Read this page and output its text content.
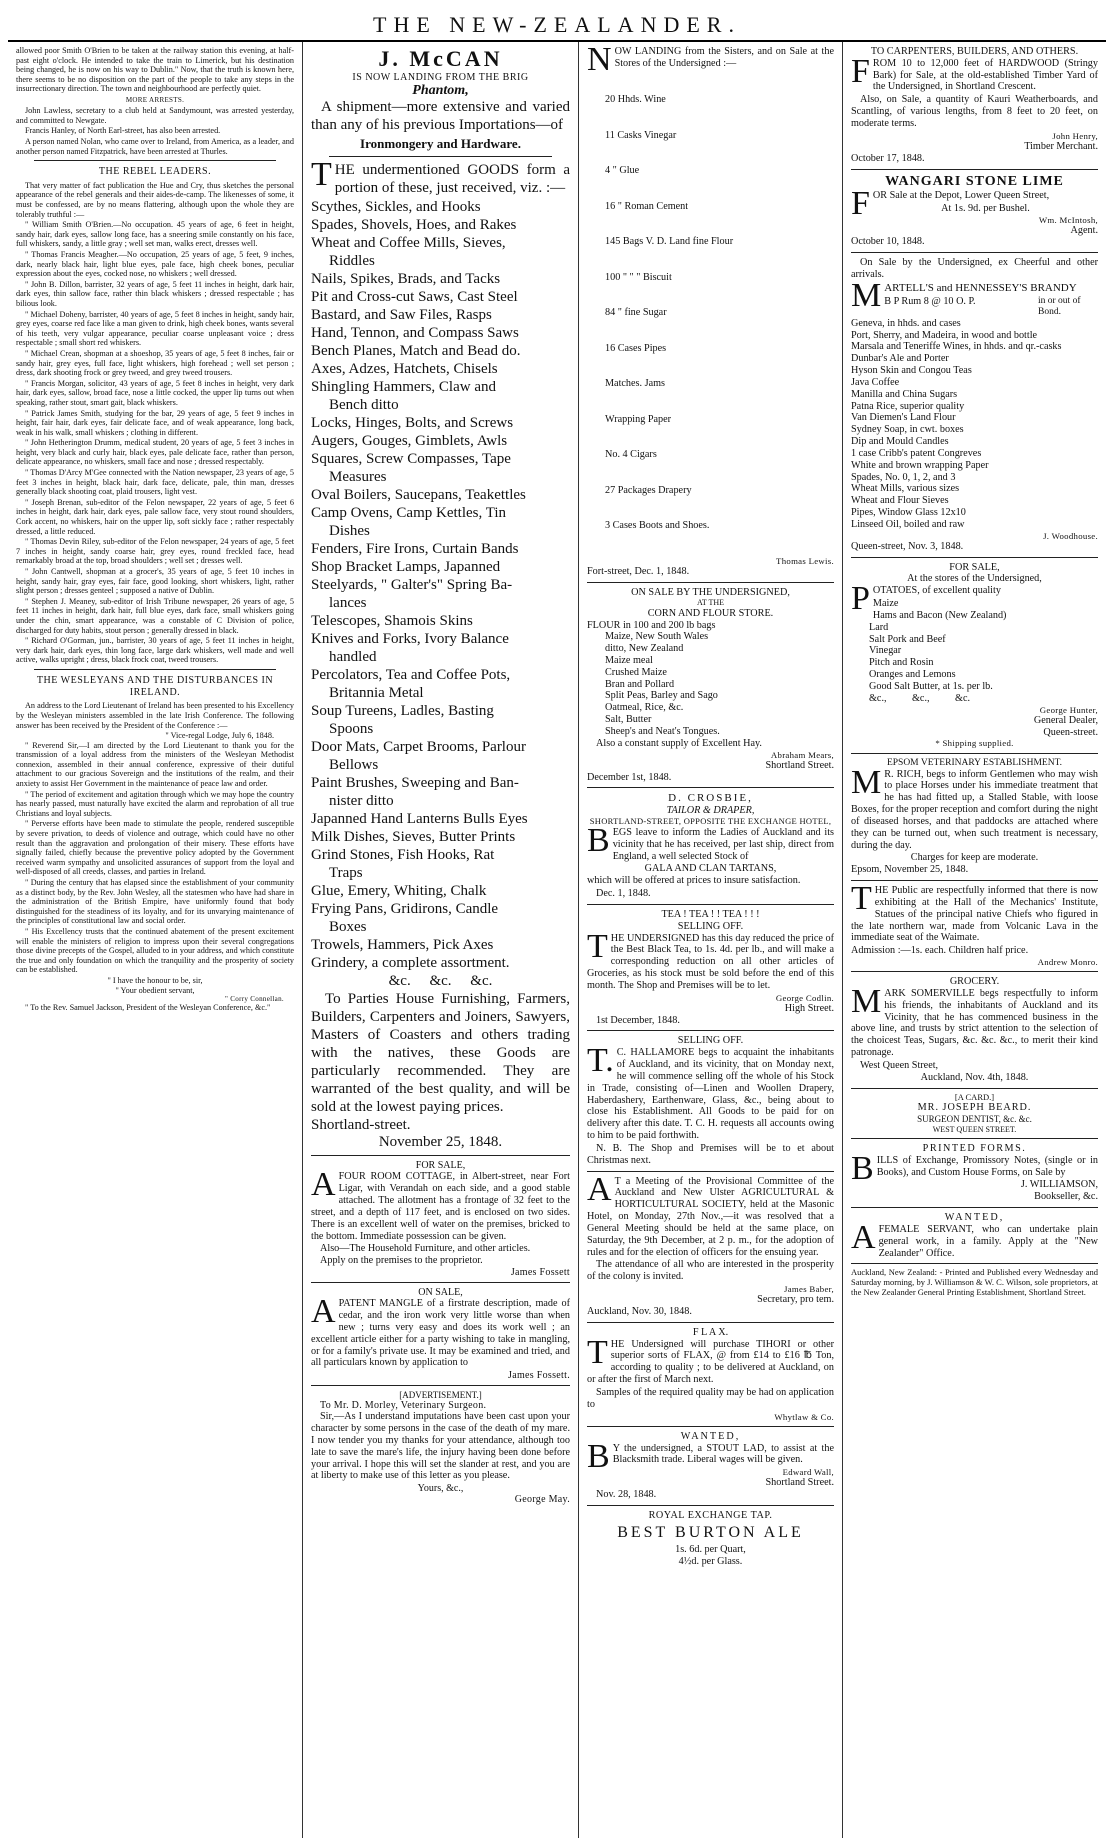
THE NEW-ZEALANDER.

allowed poor Smith O'Brien to be taken at the railway station this evening, at half-past eight o'clock. He intended to take the train to Limerick, but his destination being changed, he is now on his way to Dublin." Now, that the truth is known here, there seems to be no disposition on the part of the people to take any steps in the insurrectionary direction. The town and neighbourhood are perfectly quiet.

MORE ARRESTS.

John Lawless, secretary to a club held at Sandymount, was arrested yesterday, and committed to Newgate.

Francis Hanley, of North Earl-street, has also been arrested.

A person named Nolan, who came over to Ireland, from America, as a leader, and another person named Fitzpatrick, have been arrested at Thurles.

THE REBEL LEADERS.

That very matter of fact publication the Hue and Cry, thus sketches the personal appearance of the rebel generals and their aides-de-camp. The likenesses of some, it must be confessed, are by no means flattering, although upon the whole they are tolerably truthful :—

" William Smith O'Brien.—No occupation. 45 years of age, 6 feet in height, sandy hair, dark eyes, sallow long face, has a sneering smile constantly on his face, full whiskers, sandy, a little gray ; well set man, walks erect, dresses well.

" Thomas Francis Meagher.—No occupation, 25 years of age, 5 feet, 9 inches, dark, nearly black hair, light blue eyes, pale face, high cheek bones, peculiar expression about the eyes, cocked nose, no whiskers ; well dressed.

" John B. Dillon, barrister, 32 years of age, 5 feet 11 inches in height, dark hair, dark eyes, thin sallow face, rather thin black whiskers ; dressed respectable ; has bilious look.

" Michael Doheny, barrister, 40 years of age, 5 feet 8 inches in height, sandy hair, grey eyes, coarse red face like a man given to drink, high cheek bones, wants several of his teeth, very vulgar appearance, peculiar coarse unpleasant voice ; dress respectable ; small short red whiskers.

" Michael Crean, shopman at a shoeshop, 35 years of age, 5 feet 8 inches, fair or sandy hair, grey eyes, full face, light whiskers, high forehead ; well set person ; dress, dark shooting frock or grey tweed, and grey tweed trousers.

" Francis Morgan, solicitor, 43 years of age, 5 feet 8 inches in height, very dark hair, dark eyes, sallow, broad face, nose a little cocked, the upper lip turns out when speaking, rather stout, smart gait, black whiskers.

" Patrick James Smith, studying for the bar, 29 years of age, 5 feet 9 inches in height, fair hair, dark eyes, fair delicate face, and of weak appearance, long back, weak in his walk, small whiskers ; clothing in different.

" John Hetherington Drumm, medical student, 20 years of age, 5 feet 3 inches in height, very black and curly hair, black eyes, pale delicate face, rather than person, delicate appearance, no whiskers, small face and nose ; dressed respectably.

" Thomas D'Arcy M'Gee connected with the Nation newspaper, 23 years of age, 5 feet 3 inches in height, black hair, dark face, delicate, pale, thin man, dresses generally black shooting coat, plaid trousers, light vest.

" Joseph Brenan, sub-editor of the Felon newspaper, 22 years of age, 5 feet 6 inches in height, dark hair, dark eyes, pale sallow face, very stout round shoulders, Cork accent, no whiskers, hair on the upper lip, soft sickly face ; rather respectably dressed, a little reduced.

" Thomas Devin Riley, sub-editor of the Felon newspaper, 24 years of age, 5 feet 7 inches in height, sandy coarse hair, grey eyes, round freckled face, head remarkably broad at the top, broad shoulders ; well set ; dresses well.

" John Cantwell, shopman at a grocer's, 35 years of age, 5 feet 10 inches in height, sandy hair, gray eyes, fair face, good looking, short whiskers, light, rather slight person ; dresses genteel ; supposed a native of Dublin.

" Stephen J. Meaney, sub-editor of Irish Tribune newspaper, 26 years of age, 5 feet 11 inches in height, dark hair, full blue eyes, dark face, small whiskers going under the chin, smart appearance, was a constable of C Division of police, discharged for duty habits, stout person ; generally dressed in black.

" Richard O'Gorman, jun., barrister, 30 years of age, 5 feet 11 inches in height, very dark hair, dark eyes, thin long face, large dark whiskers, well made and well active, walks upright ; dress, black frock coat, tweed trousers.

THE WESLEYANS AND THE DISTURBANCES IN IRELAND.

An address to the Lord Lieutenant of Ireland has been presented to his Excellency by the Wesleyan ministers assembled in the late Irish Conference. The following answer has been received by the President of the Conference :—

" Vice-regal Lodge, July 6, 1848.

" Reverend Sir,—I am directed by the Lord Lieutenant to thank you for the transmission of a loyal address from the ministers of the Wesleyan Methodist connexion, assembled in their annual conference, expressive of their dutiful attachment to our gracious Sovereign and the institutions of the realm, and their anxiety to assist Her Government in the maintenance of peace law and order.

" The period of excitement and agitation through which we may hope the country has nearly passed, must naturally have excited the alarm and reprobation of all true Christians and loyal subjects.

" Perverse efforts have been made to stimulate the people, rendered susceptible by severe privation, to deeds of violence and outrage, which could have no other result than the aggravation and prolongation of their misery. These efforts have signally failed, chiefly because the preventive policy adopted by the Government received warm sympathy and unsolicited assurances of support from the loyal and well-disposed of all creeds, classes, and parties in Ireland.

" During the century that has elapsed since the establishment of your community as a distinct body, by the Rev. John Wesley, all the statesmen who have had share in the administration of the British Empire, have uniformly found that body distinguished for the steadiness of its loyalty, and for its unvarying maintenance of the principles of constitutional law and social order.

" His Excellency trusts that the continued abatement of the present excitement will enable the ministers of religion to impress upon their several congregations those divine precepts of the Gospel, alluded to in your address, and which constitute the true and only foundation on which the tranquility and the prosperity of society can be established.

" I have the honour to be, sir,
" Your obedient servant,
" Corry Connellan.
" To the Rev. Samuel Jackson, President of the Wesleyan Conference, &c."
J. McCAN
IS NOW LANDING FROM THE BRIG
Phantom,

A shipment—more extensive and varied than any of his previous Importations—of

Ironmongery and Hardware.

THE undermentioned GOODS form a portion of these, just received, viz. :—

Scythes, Sickles, and Hooks
Spades, Shovels, Hoes, and Rakes
Wheat and Coffee Mills, Sieves,
Riddles
Nails, Spikes, Brads, and Tacks
Pit and Cross-cut Saws, Cast Steel
Bastard, and Saw Files, Rasps
Hand, Tennon, and Compass Saws
Bench Planes, Match and Bead do.
Axes, Adzes, Hatchets, Chisels
Shingling Hammers, Claw and
Bench ditto
Locks, Hinges, Bolts, and Screws
Augers, Gouges, Gimblets, Awls
Squares, Screw Compasses, Tape
Measures
Oval Boilers, Saucepans, Teakettles
Camp Ovens, Camp Kettles, Tin
Dishes
Fenders, Fire Irons, Curtain Bands
Shop Bracket Lamps, Japanned
Steelyards, " Galter's" Spring Ba-
lances
Telescopes, Shamois Skins
Knives and Forks, Ivory Balance
handled
Percolators, Tea and Coffee Pots,
Britannia Metal
Soup Tureens, Ladles, Basting
Spoons
Door Mats, Carpet Brooms, Parlour
Bellows
Paint Brushes, Sweeping and Ban-
nister ditto
Japanned Hand Lanterns Bulls Eyes
Milk Dishes, Sieves, Butter Prints
Grind Stones, Fish Hooks, Rat
Traps
Glue, Emery, Whiting, Chalk
Frying Pans, Gridirons, Candle
Boxes
Trowels, Hammers, Pick Axes
Grindery, a complete assortment.
&c.     &c.     &c.

To Parties House Furnishing, Farmers, Builders, Carpenters and Joiners, Sawyers, Masters of Coasters and others trading with the natives, these Goods are particularly recommended. They are warranted of the best quality, and will be sold at the lowest paying prices.

Shortland-street.
November 25, 1848.
FOR SALE,

AFOUR ROOM COTTAGE, in Albert-street, near Fort Ligar, with Verandah on each side, and a good stable attached. The allotment has a frontage of 32 feet to the street, and a depth of 117 feet, and is enclosed on two sides. There is an excellent well of water on the premises, bricked to the bottom. Immediate possession can be given.

Also—The Household Furniture, and other articles.

Apply on the premises to the proprietor.

James Fossett
ON SALE,

APATENT MANGLE of a firstrate description, made of cedar, and the iron work very little worse than when new ; turns very easy and does its work well ; an excellent article either for a party wishing to take in mangling, or for a family's private use. It may be examined and tried, and all particulars known by application to

James Fossett.
[ADVERTISEMENT.]
To Mr. D. Morley, Veterinary Surgeon.

Sir,—As I understand imputations have been cast upon your character by some persons in the case of the death of my mare. I now tender you my thanks for your attendance, although too late to save the mare's life, the injury having been done before your arrival. I hope this will set the slander at rest, and you are at liberty to make use of this letter as you please.

Yours, &c.,
George May.

NOW LANDING from the Sisters, and on Sale at the Stores of the Undersigned :—

20 Hhds. Wine

11 Casks Vinegar

4 " Glue

16 " Roman Cement

145 Bags V. D. Land fine Flour

100 " " " Biscuit

84 " fine Sugar

16 Cases Pipes

Matches. Jams

Wrapping Paper

No. 4 Cigars

27 Packages Drapery

3 Cases Boots and Shoes.

Thomas Lewis.
Fort-street, Dec. 1, 1848.
ON SALE BY THE UNDERSIGNED,
AT THE
CORN AND FLOUR STORE.
FLOUR in 100 and 200 lb bags
Maize, New South Wales
ditto, New Zealand
Maize meal
Crushed Maize
Bran and Pollard
Split Peas, Barley and Sago
Oatmeal, Rice, &c.
Salt, Butter
Sheep's and Neat's Tongues.
Also a constant supply of Excellent Hay.
Abraham Mears,
Shortland Street.
December 1st, 1848.
D. CROSBIE,
TAILOR & DRAPER,
SHORTLAND-STREET, OPPOSITE THE EXCHANGE HOTEL,

BEGS leave to inform the Ladies of Auckland and its vicinity that he has received, per last ship, direct from England, a well selected Stock of

GALA AND CLAN TARTANS,

which will be offered at prices to insure satisfaction.

Dec. 1, 1848.
TEA ! TEA ! ! TEA ! ! !
SELLING OFF.

THE UNDERSIGNED has this day reduced the price of the Best Black Tea, to 1s. 4d. per lb., and will make a corresponding reduction on all other articles of Groceries, as his stock must be sold before the end of this month. The Shop and Premises will be to let.

George Codlin.
High Street.
1st December, 1848.
SELLING OFF.

T.C. HALLAMORE begs to acquaint the inhabitants of Auckland, and its vicinity, that on Monday next, he will commence selling off the whole of his Stock in Trade, consisting of—Linen and Woollen Drapery, Haberdashery, Earthenware, Glass, &c., being about to close his Establishment. All Goods to be paid for on delivery after this date. T. C. H. requests all accounts owing to him to be paid forthwith.

N. B. The Shop and Premises will be to et about Christmas next.

AT a Meeting of the Provisional Committee of the Auckland and New Ulster AGRICULTURAL & HORTICULTURAL SOCIETY, held at the Masonic Hotel, on Monday, 27th Nov.,—it was resolved that a General Meeting should be held at the same place, on Saturday, the 9th December, at 2 p. m., for the adoption of rules and for the election of officers for the ensuing year.

The attendance of all who are interested in the prosperity of the colony is invited.

James Baber,
Secretary, pro tem.
Auckland, Nov. 30, 1848.
F L A X.

THE Undersigned will purchase TIHORI or other superior sorts of FLAX, @ from £14 to £16 ℔ Ton, according to quality ; to be delivered at Auckland, on or after the first of March next.

Samples of the required quality may be had on application to

Whytlaw & Co.
WANTED,

BY the undersigned, a STOUT LAD, to assist at the Blacksmith trade. Liberal wages will be given.

Edward Wall,
Shortland Street.
Nov. 28, 1848.
ROYAL EXCHANGE TAP.
BEST BURTON ALE
1s. 6d. per Quart,
4½d. per Glass.
TO CARPENTERS, BUILDERS, AND OTHERS.

FROM 10 to 12,000 feet of HARDWOOD (Stringy Bark) for Sale, at the old-established Timber Yard of the Undersigned, in Shortland Crescent.

Also, on Sale, a quantity of Kauri Weatherboards, and Scantling, of various lengths, from 8 feet to 20 feet, on moderate terms.

John Henry,
Timber Merchant.
October 17, 1848.
WANGARI STONE LIME

FOR Sale at the Depot, Lower Queen Street,

At 1s. 9d. per Bushel.
Wm. McIntosh,
Agent.
October 10, 1848.

On Sale by the Undersigned, ex Cheerful and other arrivals.

MARTELL'S and HENNESSEY'S BRANDY

B P Rum 8 @ 10 O. P.	in or out of Bond.
Geneva, in hhds. and cases
Port, Sherry, and Madeira, in wood and bottle
Marsala and Teneriffe Wines, in hhds. and qr.-casks
Dunbar's Ale and Porter
Hyson Skin and Congou Teas
Java Coffee
Manilla and China Sugars
Patna Rice, superior quality
Van Diemen's Land Flour
Sydney Soap, in cwt. boxes
Dip and Mould Candles
1 case Cribb's patent Congreves
White and brown wrapping Paper
Spades, No. 0, 1, 2, and 3
Wheat Mills, various sizes
Wheat and Flour Sieves
Pipes, Window Glass 12x10
Linseed Oil, boiled and raw
J. Woodhouse.
Queen-street, Nov. 3, 1848.
FOR SALE,
At the stores of the Undersigned,

POTATOES, of excellent quality

Maize
Hams and Bacon (New Zealand)
Lard
Salt Pork and Beef
Vinegar
Pitch and Rosin
Oranges and Lemons
Good Salt Butter, at 1s. per lb.
&c.,          &c.,          &c.
George Hunter,
General Dealer,
Queen-street.
* Shipping supplied.
EPSOM VETERINARY ESTABLISHMENT.

MR. RICH, begs to inform Gentlemen who may wish to place Horses under his immediate treatment that he has had fitted up, a Stalled Stable, with loose Boxes, for the proper reception and comfort during the night of diseased horses, and that paddocks are attached where they can be turned out, when such treatment is necessary, during the day.

Charges for keep are moderate.
Epsom, November 25, 1848.

THE Public are respectfully informed that there is now exhibiting at the Hall of the Mechanics' Institute, Statues of the principal native Chiefs who figured in the late northern war, made from Volcanic Lava in the immediate seat of the Waimate.

Admission :—1s. each. Children half price.
Andrew Monro.
GROCERY.

MARK SOMERVILLE begs respectfully to inform his friends, the inhabitants of Auckland and its Vicinity, that he has commenced business in the above line, and trusts by strict attention to the selection of the choicest Teas, Sugars, &c. &c. &c., to merit their kind patronage.

West Queen Street,
Auckland, Nov. 4th, 1848.
[A CARD.]
MR. JOSEPH BEARD.
SURGEON DENTIST, &c. &c.
WEST QUEEN STREET.
PRINTED FORMS.

BILLS of Exchange, Promissory Notes, (single or in Books), and Custom House Forms, on Sale by

J. WILLIAMSON,
Bookseller, &c.
WANTED,

AFEMALE SERVANT, who can undertake plain general work, in a family. Apply at the "New Zealander" Office.

Auckland, New Zealand: - Printed and Published every Wednesday and Saturday morning, by J. Williamson & W. C. Wilson, sole proprietors, at the New Zealander General Printing Establishment, Shortland Street.
